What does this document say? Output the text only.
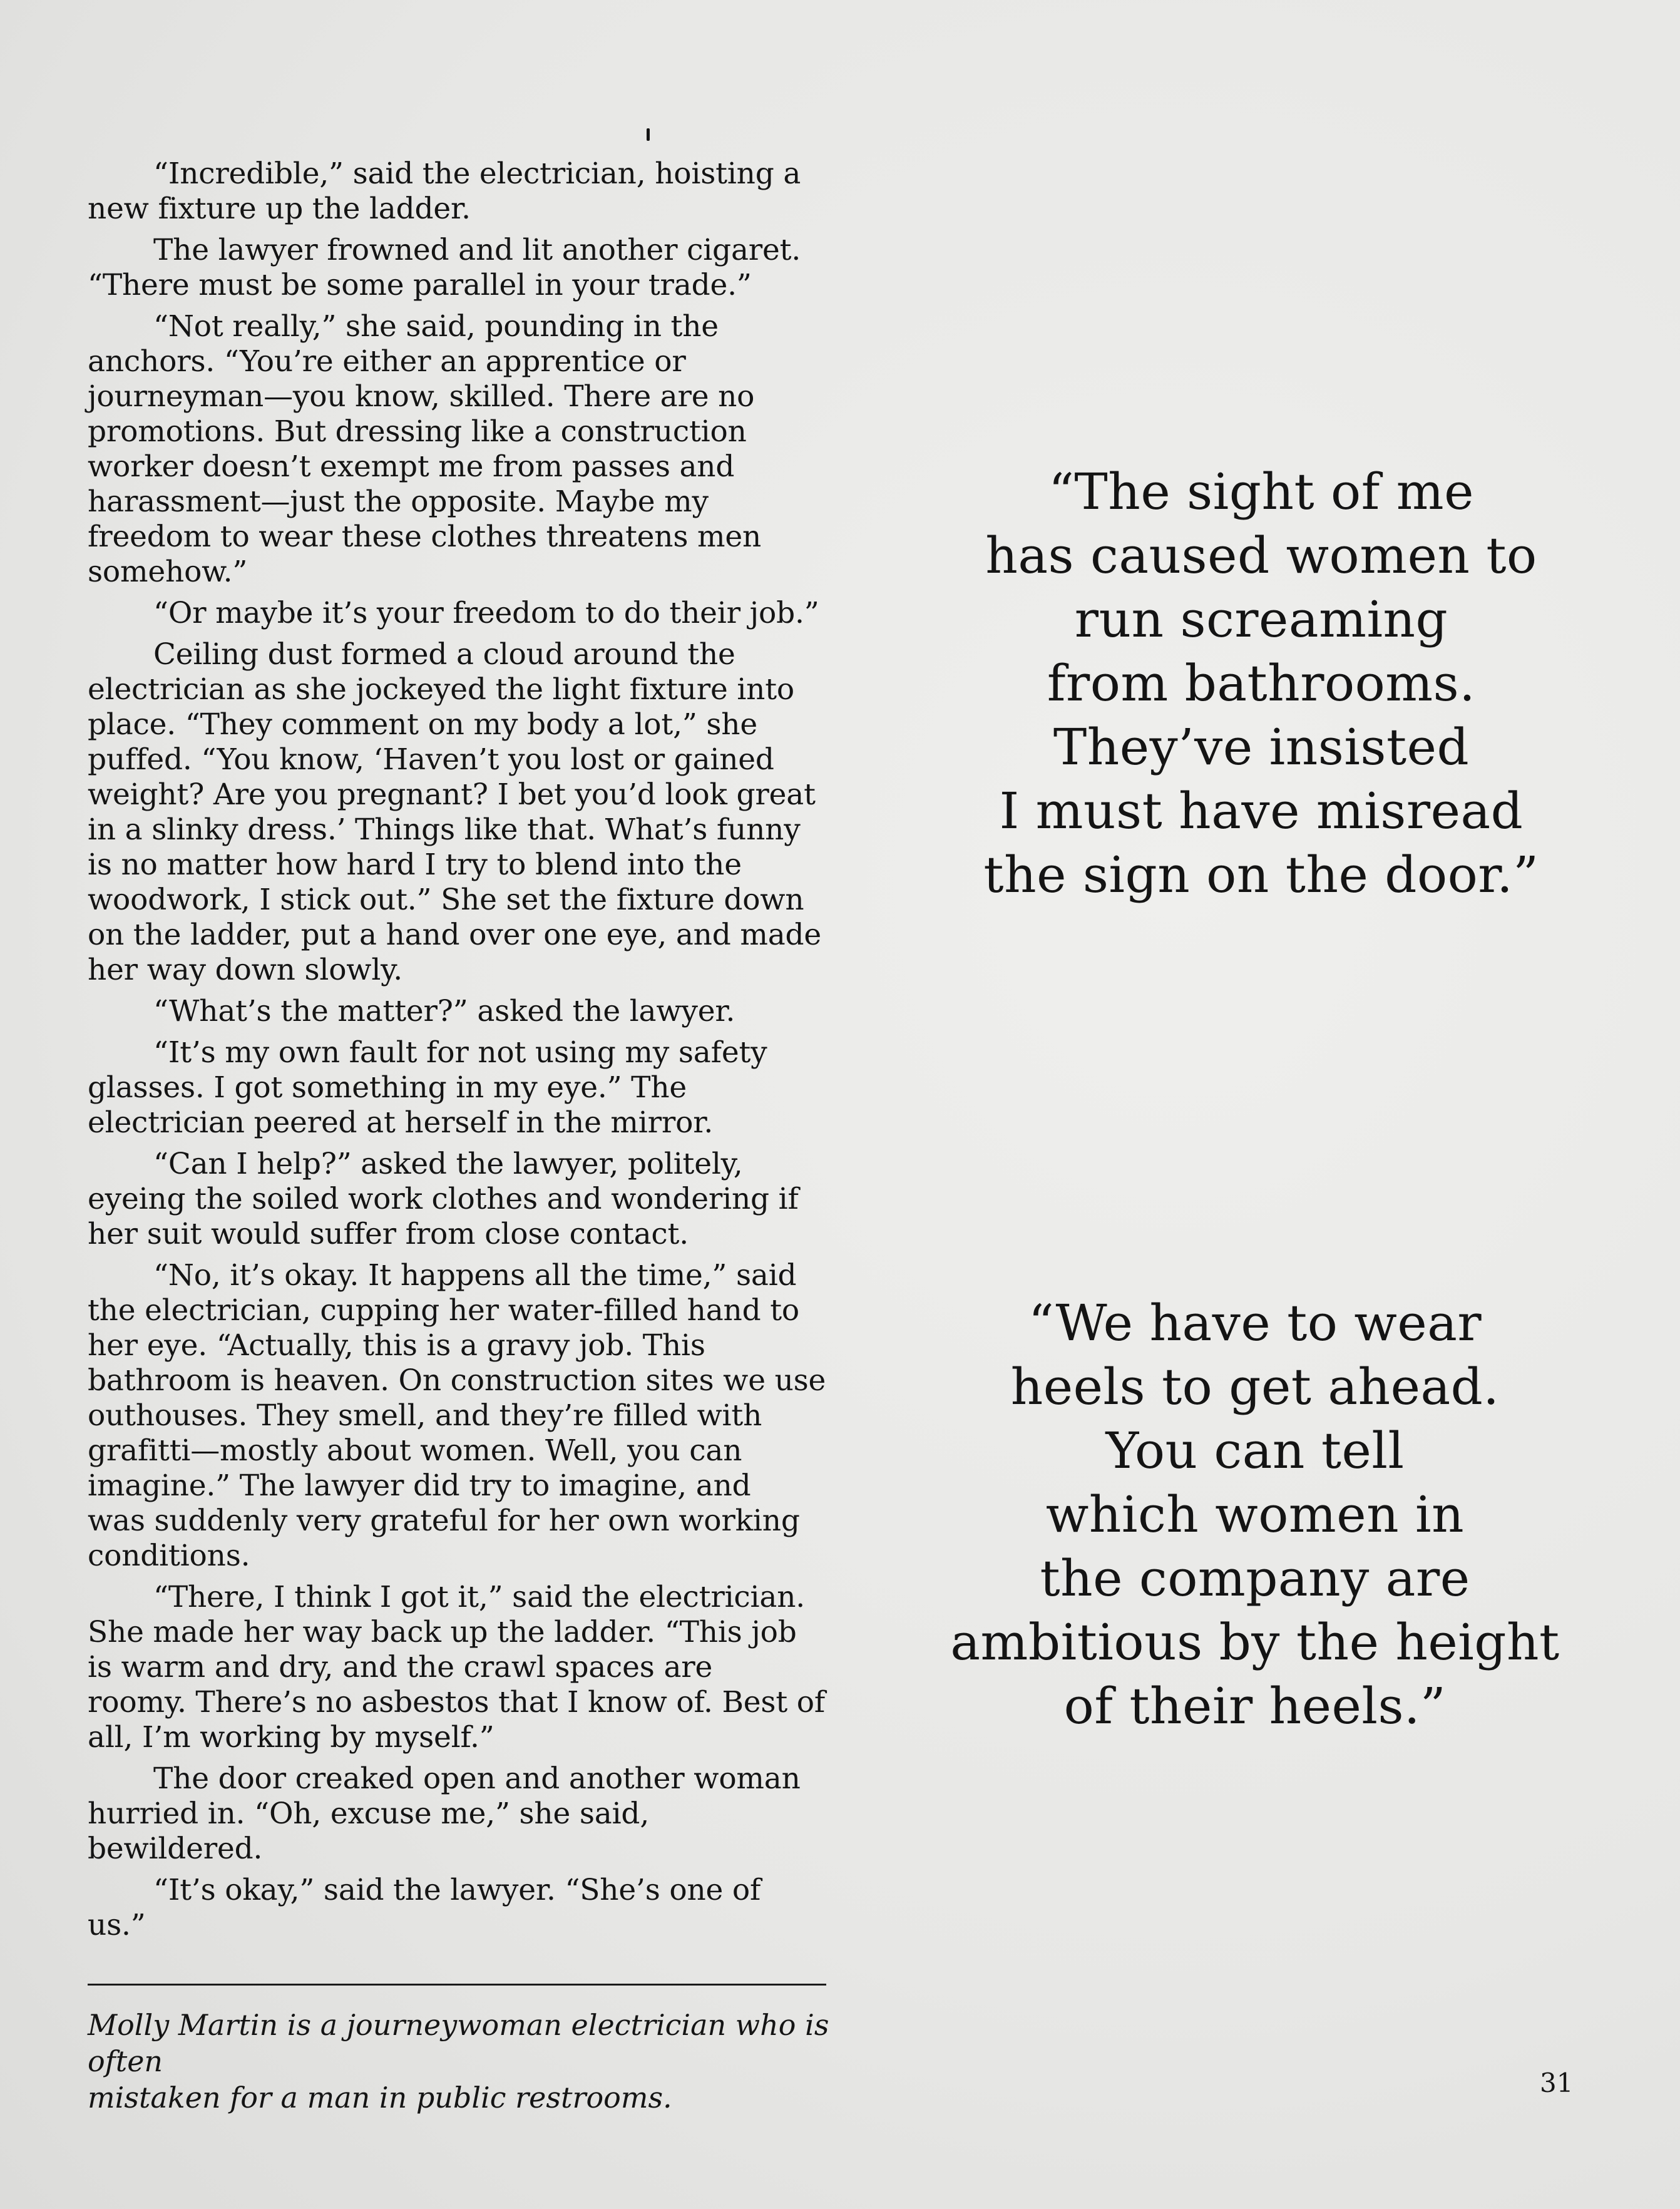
“Incredible,” said the electrician, hoisting a
new fixture up the ladder.

The lawyer frowned and lit another cigaret.
“There must be some parallel in your trade.”

“Not really,” she said, pounding in the
anchors. “You’re either an apprentice or
journeyman—you know, skilled. There are no
promotions. But dressing like a construction
worker doesn’t exempt me from passes and
harassment—just the opposite. Maybe my
freedom to wear these clothes threatens men
somehow.”

“Or maybe it’s your freedom to do their job.”

Ceiling dust formed a cloud around the
electrician as she jockeyed the light fixture into
place. “They comment on my body a lot,” she
puffed. “You know, ‘Haven’t you lost or gained
weight? Are you pregnant? I bet you’d look great
in a slinky dress.’ Things like that. What’s funny
is no matter how hard I try to blend into the
woodwork, I stick out.” She set the fixture down
on the ladder, put a hand over one eye, and made
her way down slowly.

“What’s the matter?” asked the lawyer.

“It’s my own fault for not using my safety
glasses. I got something in my eye.” The
electrician peered at herself in the mirror.

“Can I help?” asked the lawyer, politely,
eyeing the soiled work clothes and wondering if
her suit would suffer from close contact.

“No, it’s okay. It happens all the time,” said
the electrician, cupping her water-filled hand to
her eye. “Actually, this is a gravy job. This
bathroom is heaven. On construction sites we use
outhouses. They smell, and they’re filled with
grafitti—mostly about women. Well, you can
imagine.” The lawyer did try to imagine, and
was suddenly very grateful for her own working
conditions.

“There, I think I got it,” said the electrician.
She made her way back up the ladder. “This job
is warm and dry, and the crawl spaces are
roomy. There’s no asbestos that I know of. Best of
all, I’m working by myself.”

The door creaked open and another woman
hurried in. “Oh, excuse me,” she said,
bewildered.

“It’s okay,” said the lawyer. “She’s one of us.”

Molly Martin is a journeywoman electrician who is often
mistaken for a man in public restrooms.
“The sight of me
has caused women to
run screaming
from bathrooms.
They’ve insisted
I must have misread
the sign on the door.”
“We have to wear
heels to get ahead.
You can tell
which women in
the company are
ambitious by the height
of their heels.”
31
